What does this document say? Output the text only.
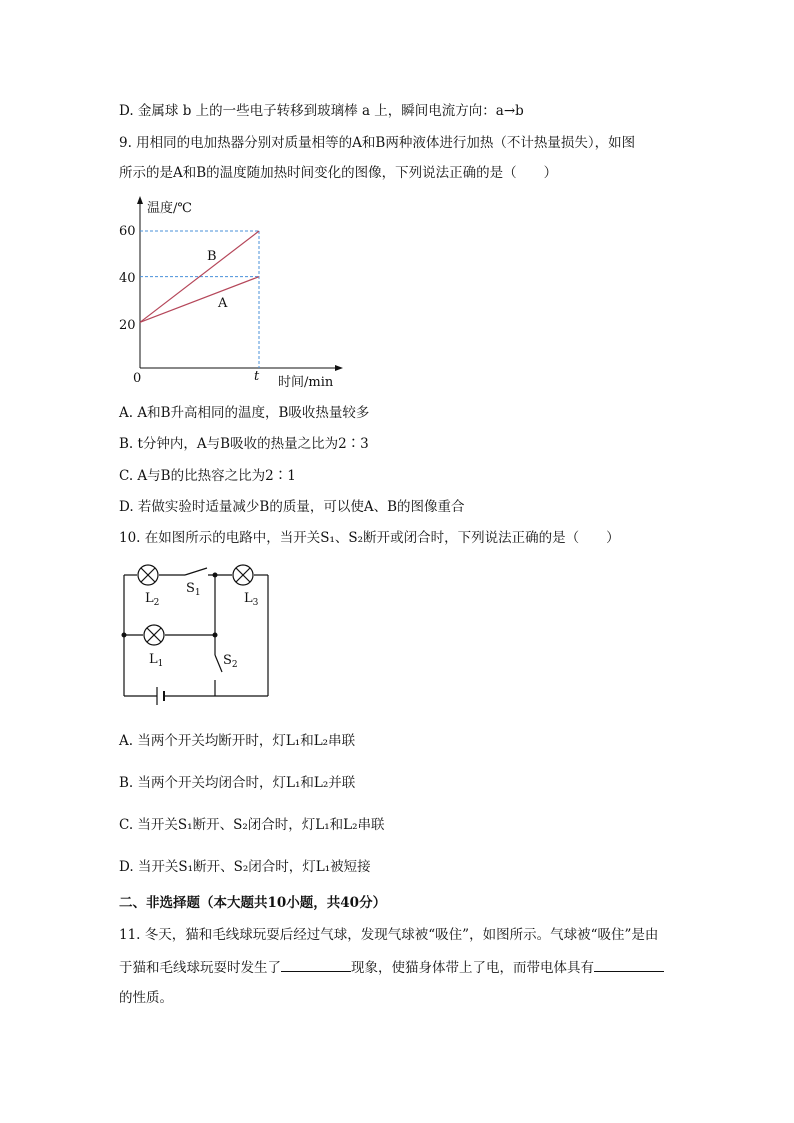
D. 金属球 b 上的一些电子转移到玻璃棒 a 上，瞬间电流方向：a→b
9. 用相同的电加热器分别对质量相等的A和B两种液体进行加热（不计热量损失），如图
所示的是A和B的温度随加热时间变化的图像，下列说法正确的是（　　）
温度/℃
时间/min
60
40
20
0	t
B
A
A. A和B升高相同的温度，B吸收热量较多
B. t分钟内，A与B吸收的热量之比为2∶3
C. A与B的比热容之比为2∶1
D. 若做实验时适量减少B的质量，可以使A、B的图像重合
10. 在如图所示的电路中，当开关S₁、S₂断开或闭合时，下列说法正确的是（　　）
$L_2$
$S_1$	$L_3$
$L_1$	$S_2$
A. 当两个开关均断开时，灯L₁和L₂串联
B. 当两个开关均闭合时，灯L₁和L₂并联
C. 当开关S₁断开、S₂闭合时，灯L₁和L₂串联
D. 当开关S₁断开、S₂闭合时，灯L₁被短接
二、非选择题（本大题共10小题，共40分）
11. 冬天，猫和毛线球玩耍后经过气球，发现气球被“吸住”，如图所示。气球被“吸住”是由
于猫和毛线球玩耍时发生了	现象，使猫身体带上了电，而带电体具有
的性质。
